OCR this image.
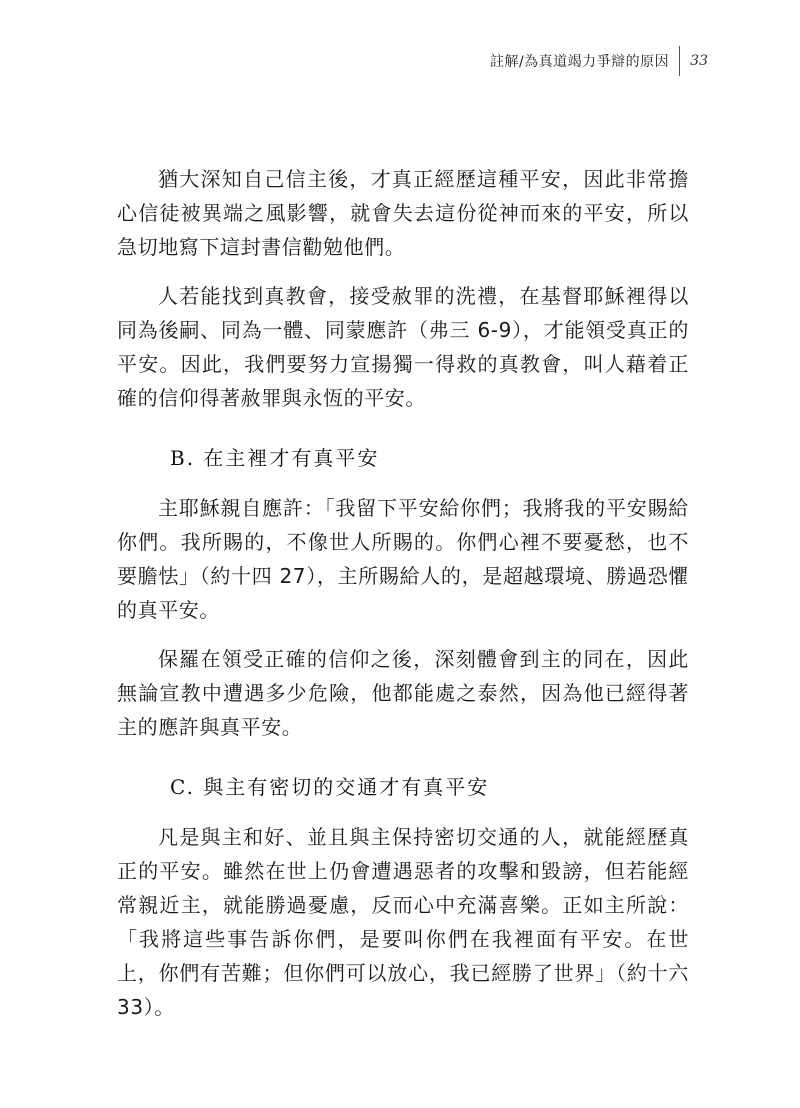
註解/為真道竭力爭辯的原因	33

猶大深知自己信主後，才真正經歷這種平安，因此非常擔心信徒被異端之風影響，就會失去這份從神而來的平安，所以急切地寫下這封書信勸勉他們。

人若能找到真教會，接受赦罪的洗禮，在基督耶穌裡得以同為後嗣、同為一體、同蒙應許（弗三 6-9），才能領受真正的平安。因此，我們要努力宣揚獨一得救的真教會，叫人藉着正確的信仰得著赦罪與永恆的平安。

B. 在主裡才有真平安

主耶穌親自應許：「我留下平安給你們；我將我的平安賜給你們。我所賜的，不像世人所賜的。你們心裡不要憂愁，也不要膽怯」（約十四 27），主所賜給人的，是超越環境、勝過恐懼的真平安。

保羅在領受正確的信仰之後，深刻體會到主的同在，因此無論宣教中遭遇多少危險，他都能處之泰然，因為他已經得著主的應許與真平安。

C. 與主有密切的交通才有真平安

凡是與主和好、並且與主保持密切交通的人，就能經歷真正的平安。雖然在世上仍會遭遇惡者的攻擊和毀謗，但若能經常親近主，就能勝過憂慮，反而心中充滿喜樂。正如主所說：「我將這些事告訴你們，是要叫你們在我裡面有平安。在世上，你們有苦難；但你們可以放心，我已經勝了世界」（約十六 33）。
